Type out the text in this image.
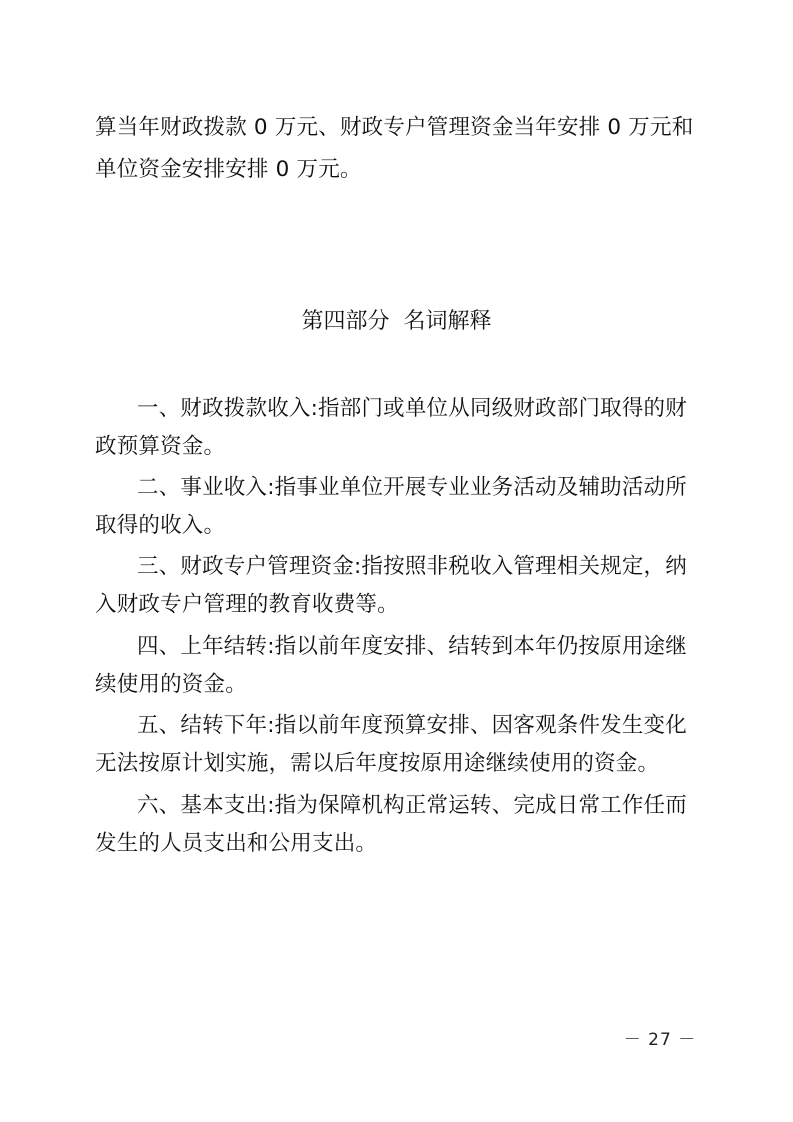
算当年财政拨款 0 万元、财政专户管理资金当年安排 0 万元和
单位资金安排安排 0 万元。
第四部分  名词解释
一、财政拨款收入:指部门或单位从同级财政部门取得的财
政预算资金。
二、事业收入:指事业单位开展专业业务活动及辅助活动所
取得的收入。
三、财政专户管理资金:指按照非税收入管理相关规定，纳
入财政专户管理的教育收费等。
四、上年结转:指以前年度安排、结转到本年仍按原用途继
续使用的资金。
五、结转下年:指以前年度预算安排、因客观条件发生变化
无法按原计划实施，需以后年度按原用途继续使用的资金。
六、基本支出:指为保障机构正常运转、完成日常工作任而
发生的人员支出和公用支出。
－ 27 －
